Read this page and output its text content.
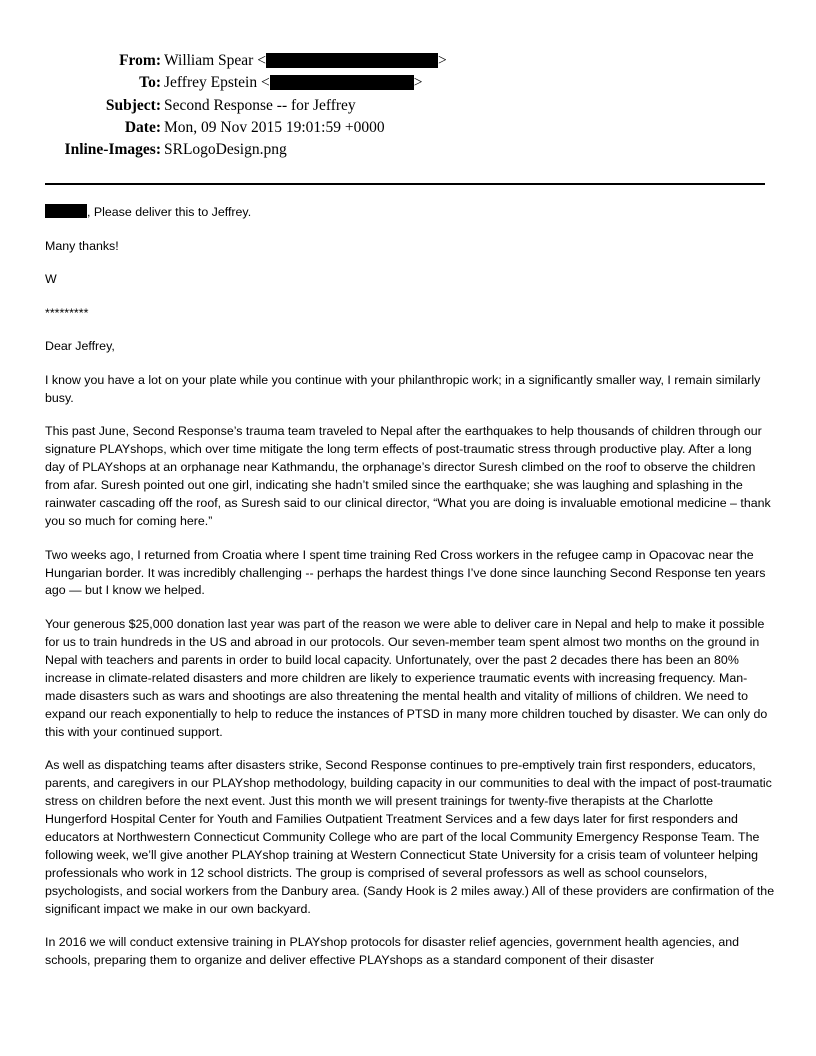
From: William Spear <	>
To: Jeffrey Epstein <	>
Subject: Second Response -- for Jeffrey
Date: Mon, 09 Nov 2015 19:01:59 +0000
Inline-Images: SRLogoDesign.png

, Please deliver this to Jeffrey.

Many thanks!

W

*********

Dear Jeffrey,

I know you have a lot on your plate while you continue with your philanthropic work; in a significantly smaller way, I remain similarly busy.

This past June, Second Response’s trauma team traveled to Nepal after the earthquakes to help thousands of children through our signature PLAYshops, which over time mitigate the long term effects of post-traumatic stress through productive play. After a long day of PLAYshops at an orphanage near Kathmandu, the orphanage’s director Suresh climbed on the roof to observe the children from afar. Suresh pointed out one girl, indicating she hadn’t smiled since the earthquake; she was laughing and splashing in the rainwater cascading off the roof, as Suresh said to our clinical director, “What you are doing is invaluable emotional medicine – thank you so much for coming here.”

Two weeks ago, I returned from Croatia where I spent time training Red Cross workers in the refugee camp in Opacovac near the Hungarian border. It was incredibly challenging -- perhaps the hardest things I’ve done since launching Second Response ten years ago — but I know we helped.

Your generous $25,000 donation last year was part of the reason we were able to deliver care in Nepal and help to make it possible for us to train hundreds in the US and abroad in our protocols. Our seven-member team spent almost two months on the ground in Nepal with teachers and parents in order to build local capacity. Unfortunately, over the past 2 decades there has been an 80% increase in climate-related disasters and more children are likely to experience traumatic events with increasing frequency. Man-made disasters such as wars and shootings are also threatening the mental health and vitality of millions of children. We need to expand our reach exponentially to help to reduce the instances of PTSD in many more children touched by disaster. We can only do this with your continued support.

As well as dispatching teams after disasters strike, Second Response continues to pre-emptively train first responders, educators, parents, and caregivers in our PLAYshop methodology, building capacity in our communities to deal with the impact of post-traumatic stress on children before the next event. Just this month we will present trainings for twenty-five therapists at the Charlotte Hungerford Hospital Center for Youth and Families Outpatient Treatment Services and a few days later for first responders and educators at Northwestern Connecticut Community College who are part of the local Community Emergency Response Team. The following week, we’ll give another PLAYshop training at Western Connecticut State University for a crisis team of volunteer helping professionals who work in 12 school districts. The group is comprised of several professors as well as school counselors, psychologists, and social workers from the Danbury area. (Sandy Hook is 2 miles away.) All of these providers are confirmation of the significant impact we make in our own backyard.

In 2016 we will conduct extensive training in PLAYshop protocols for disaster relief agencies, government health agencies, and schools, preparing them to organize and deliver effective PLAYshops as a standard component of their disaster
